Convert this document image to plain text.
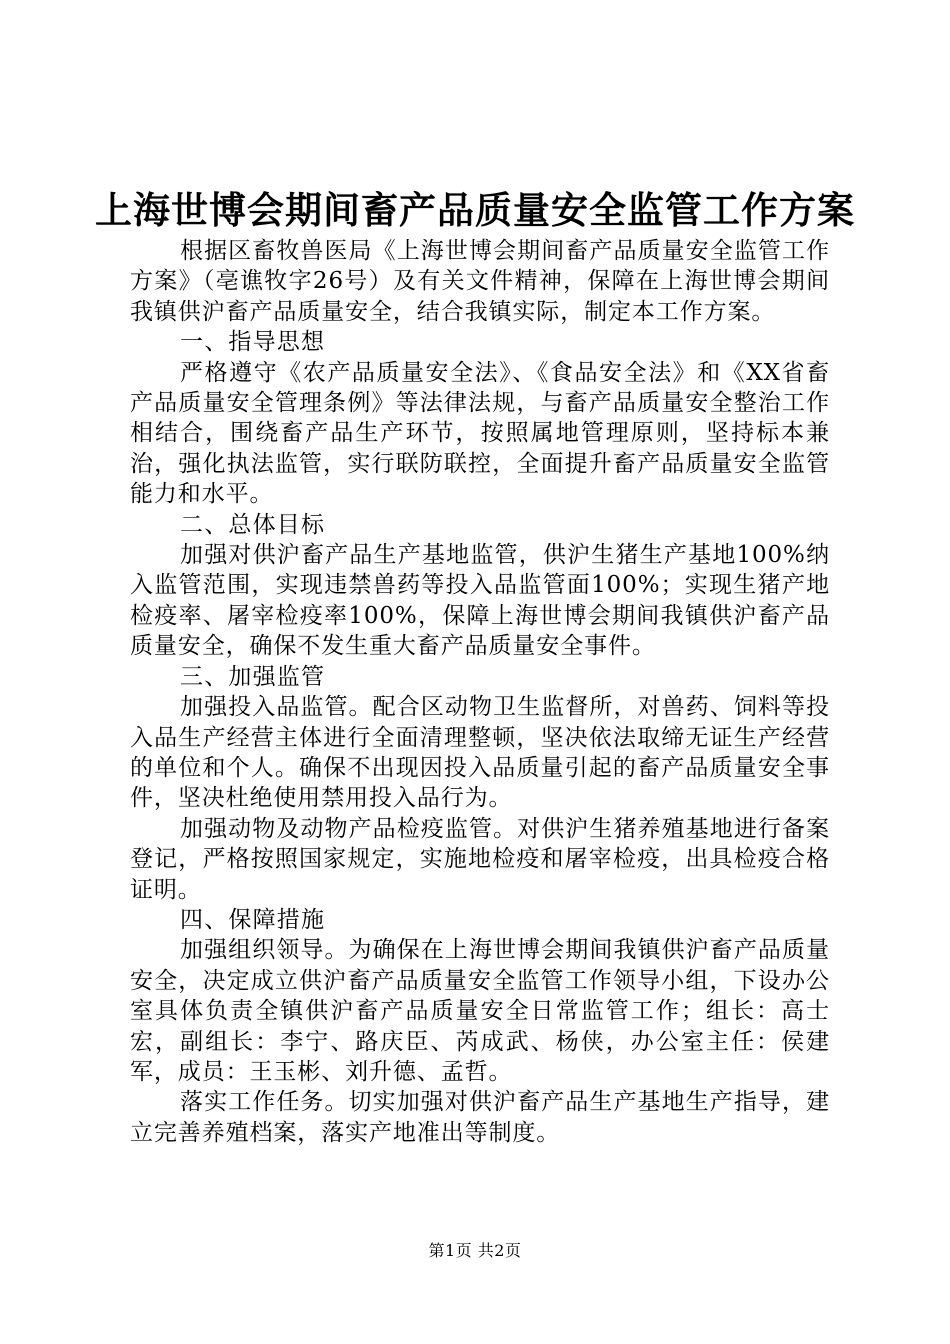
上海世博会期间畜产品质量安全监管工作方案

根据区畜牧兽医局《上海世博会期间畜产品质量安全监管工作方案》（亳谯牧字26号）及有关文件精神，保障在上海世博会期间我镇供沪畜产品质量安全，结合我镇实际，制定本工作方案。

一、指导思想

严格遵守《农产品质量安全法》、《食品安全法》和《XX省畜产品质量安全管理条例》等法律法规，与畜产品质量安全整治工作相结合，围绕畜产品生产环节，按照属地管理原则，坚持标本兼治，强化执法监管，实行联防联控，全面提升畜产品质量安全监管能力和水平。

二、总体目标

加强对供沪畜产品生产基地监管，供沪生猪生产基地100%纳入监管范围，实现违禁兽药等投入品监管面100%；实现生猪产地检疫率、屠宰检疫率100%，保障上海世博会期间我镇供沪畜产品质量安全，确保不发生重大畜产品质量安全事件。

三、加强监管

加强投入品监管。配合区动物卫生监督所，对兽药、饲料等投入品生产经营主体进行全面清理整顿，坚决依法取缔无证生产经营的单位和个人。确保不出现因投入品质量引起的畜产品质量安全事件，坚决杜绝使用禁用投入品行为。

加强动物及动物产品检疫监管。对供沪生猪养殖基地进行备案登记，严格按照国家规定，实施地检疫和屠宰检疫，出具检疫合格证明。

四、保障措施

加强组织领导。为确保在上海世博会期间我镇供沪畜产品质量安全，决定成立供沪畜产品质量安全监管工作领导小组，下设办公室具体负责全镇供沪畜产品质量安全日常监管工作；组长：高士宏，副组长：李宁、路庆臣、芮成武、杨侠，办公室主任：侯建军，成员：王玉彬、刘升德、孟哲。

落实工作任务。切实加强对供沪畜产品生产基地生产指导，建立完善养殖档案，落实产地准出等制度。

第1页 共2页
